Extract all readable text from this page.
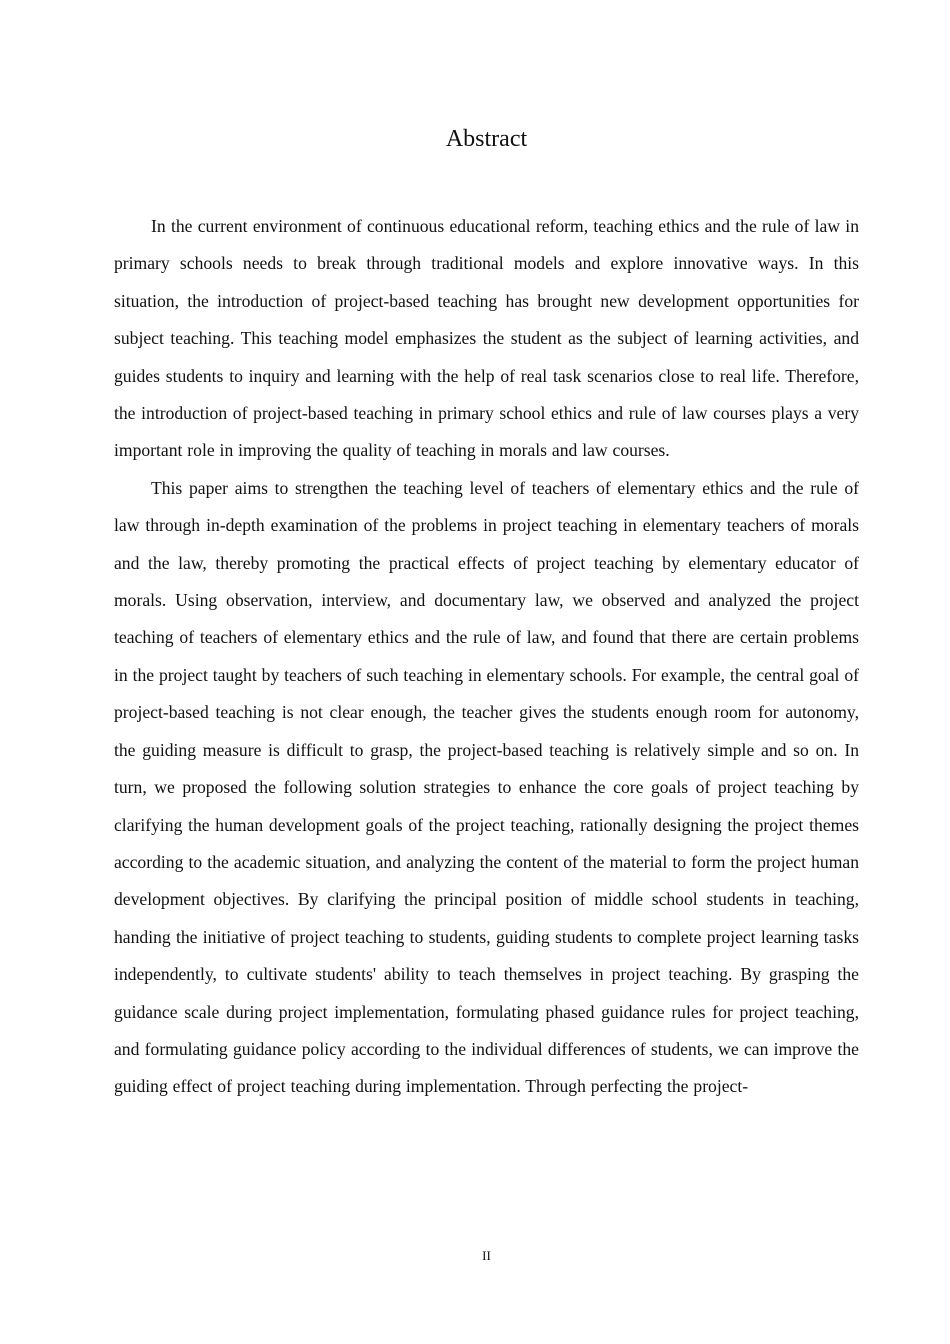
Abstract

In the current environment of continuous educational reform, teaching ethics and the rule of law in primary schools needs to break through traditional models and explore innovative ways. In this situation, the introduction of project-based teaching has brought new development opportunities for subject teaching. This teaching model emphasizes the student as the subject of learning activities, and guides students to inquiry and learning with the help of real task scenarios close to real life. Therefore, the introduction of project-based teaching in primary school ethics and rule of law courses plays a very important role in improving the quality of teaching in morals and law courses.

This paper aims to strengthen the teaching level of teachers of elementary ethics and the rule of law through in-depth examination of the problems in project teaching in elementary teachers of morals and the law, thereby promoting the practical effects of project teaching by elementary educator of morals. Using observation, interview, and documentary law, we observed and analyzed the project teaching of teachers of elementary ethics and the rule of law, and found that there are certain problems in the project taught by teachers of such teaching in elementary schools. For example, the central goal of project-based teaching is not clear enough, the teacher gives the students enough room for autonomy, the guiding measure is difficult to grasp, the project-based teaching is relatively simple and so on. In turn, we proposed the following solution strategies to enhance the core goals of project teaching by clarifying the human development goals of the project teaching, rationally designing the project themes according to the academic situation, and analyzing the content of the material to form the project human development objectives. By clarifying the principal position of middle school students in teaching, handing the initiative of project teaching to students, guiding students to complete project learning tasks independently, to cultivate students' ability to teach themselves in project teaching. By grasping the guidance scale during project implementation, formulating phased guidance rules for project teaching, and formulating guidance policy according to the individual differences of students, we can improve the guiding effect of project teaching during implementation. Through perfecting the project-

II
